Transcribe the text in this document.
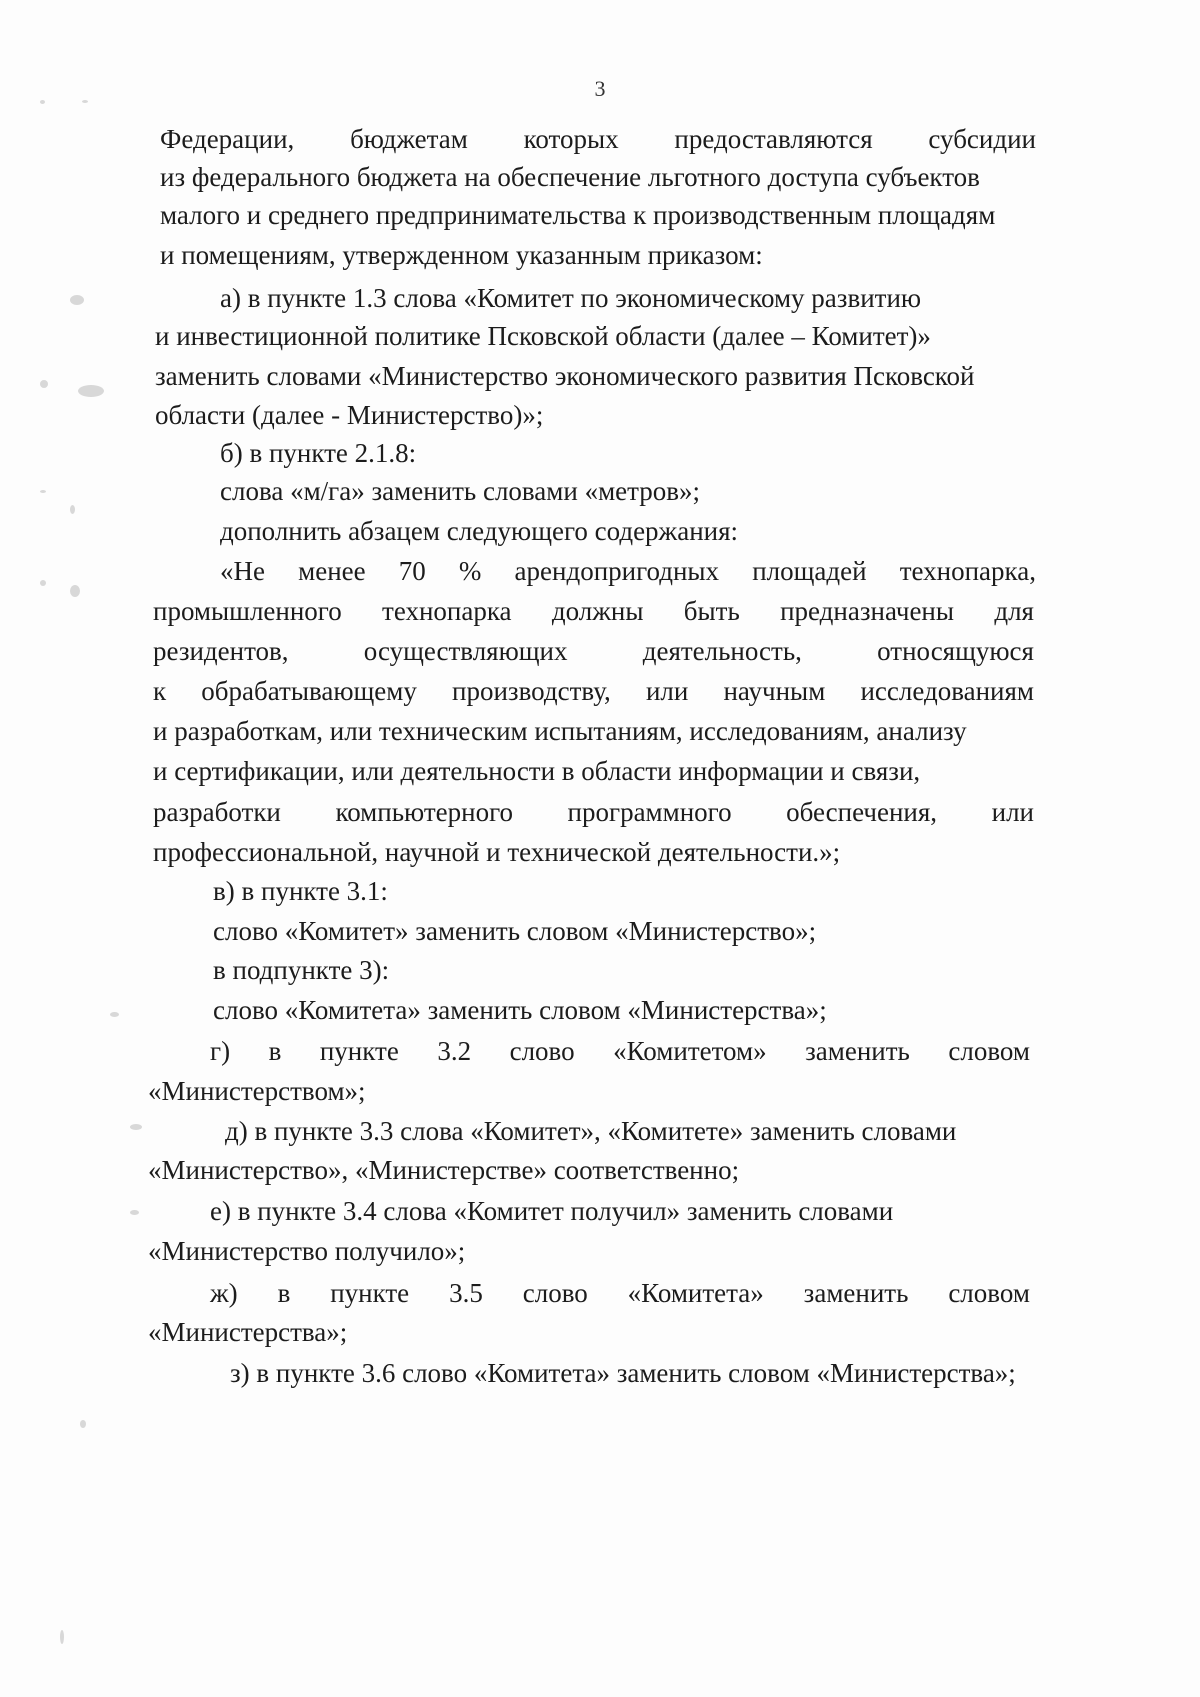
3
Федерации, бюджетам которых предоставляются субсидии
из федерального бюджета на обеспечение льготного доступа субъектов
малого и среднего предпринимательства к производственным площадям
и помещениям, утвержденном указанным приказом:
а) в пункте 1.3 слова «Комитет по экономическому развитию
и инвестиционной политике Псковской области (далее – Комитет)»
заменить словами «Министерство экономического развития Псковской
области (далее - Министерство)»;
б) в пункте 2.1.8:
слова «м/га» заменить словами «метров»;
дополнить абзацем следующего содержания:
«Не менее 70 % арендопригодных площадей технопарка,
промышленного технопарка должны быть предназначены для
резидентов,	осуществляющих	деятельность,	относящуюся
к обрабатывающему производству, или научным исследованиям
и разработкам, или техническим испытаниям, исследованиям, анализу
и сертификации, или деятельности в области информации и связи,
разработки компьютерного программного обеспечения, или
профессиональной, научной и технической деятельности.»;
в) в пункте 3.1:
слово «Комитет» заменить словом «Министерство»;
в подпункте 3):
слово «Комитета» заменить словом «Министерства»;
г) в пункте 3.2 слово «Комитетом» заменить словом
«Министерством»;
д) в пункте 3.3 слова «Комитет», «Комитете» заменить словами
«Министерство», «Министерстве» соответственно;
е) в пункте 3.4 слова «Комитет получил» заменить словами
«Министерство получило»;
ж) в пункте 3.5 слово «Комитета» заменить словом
«Министерства»;
з) в пункте 3.6 слово «Комитета» заменить словом «Министерства»;
